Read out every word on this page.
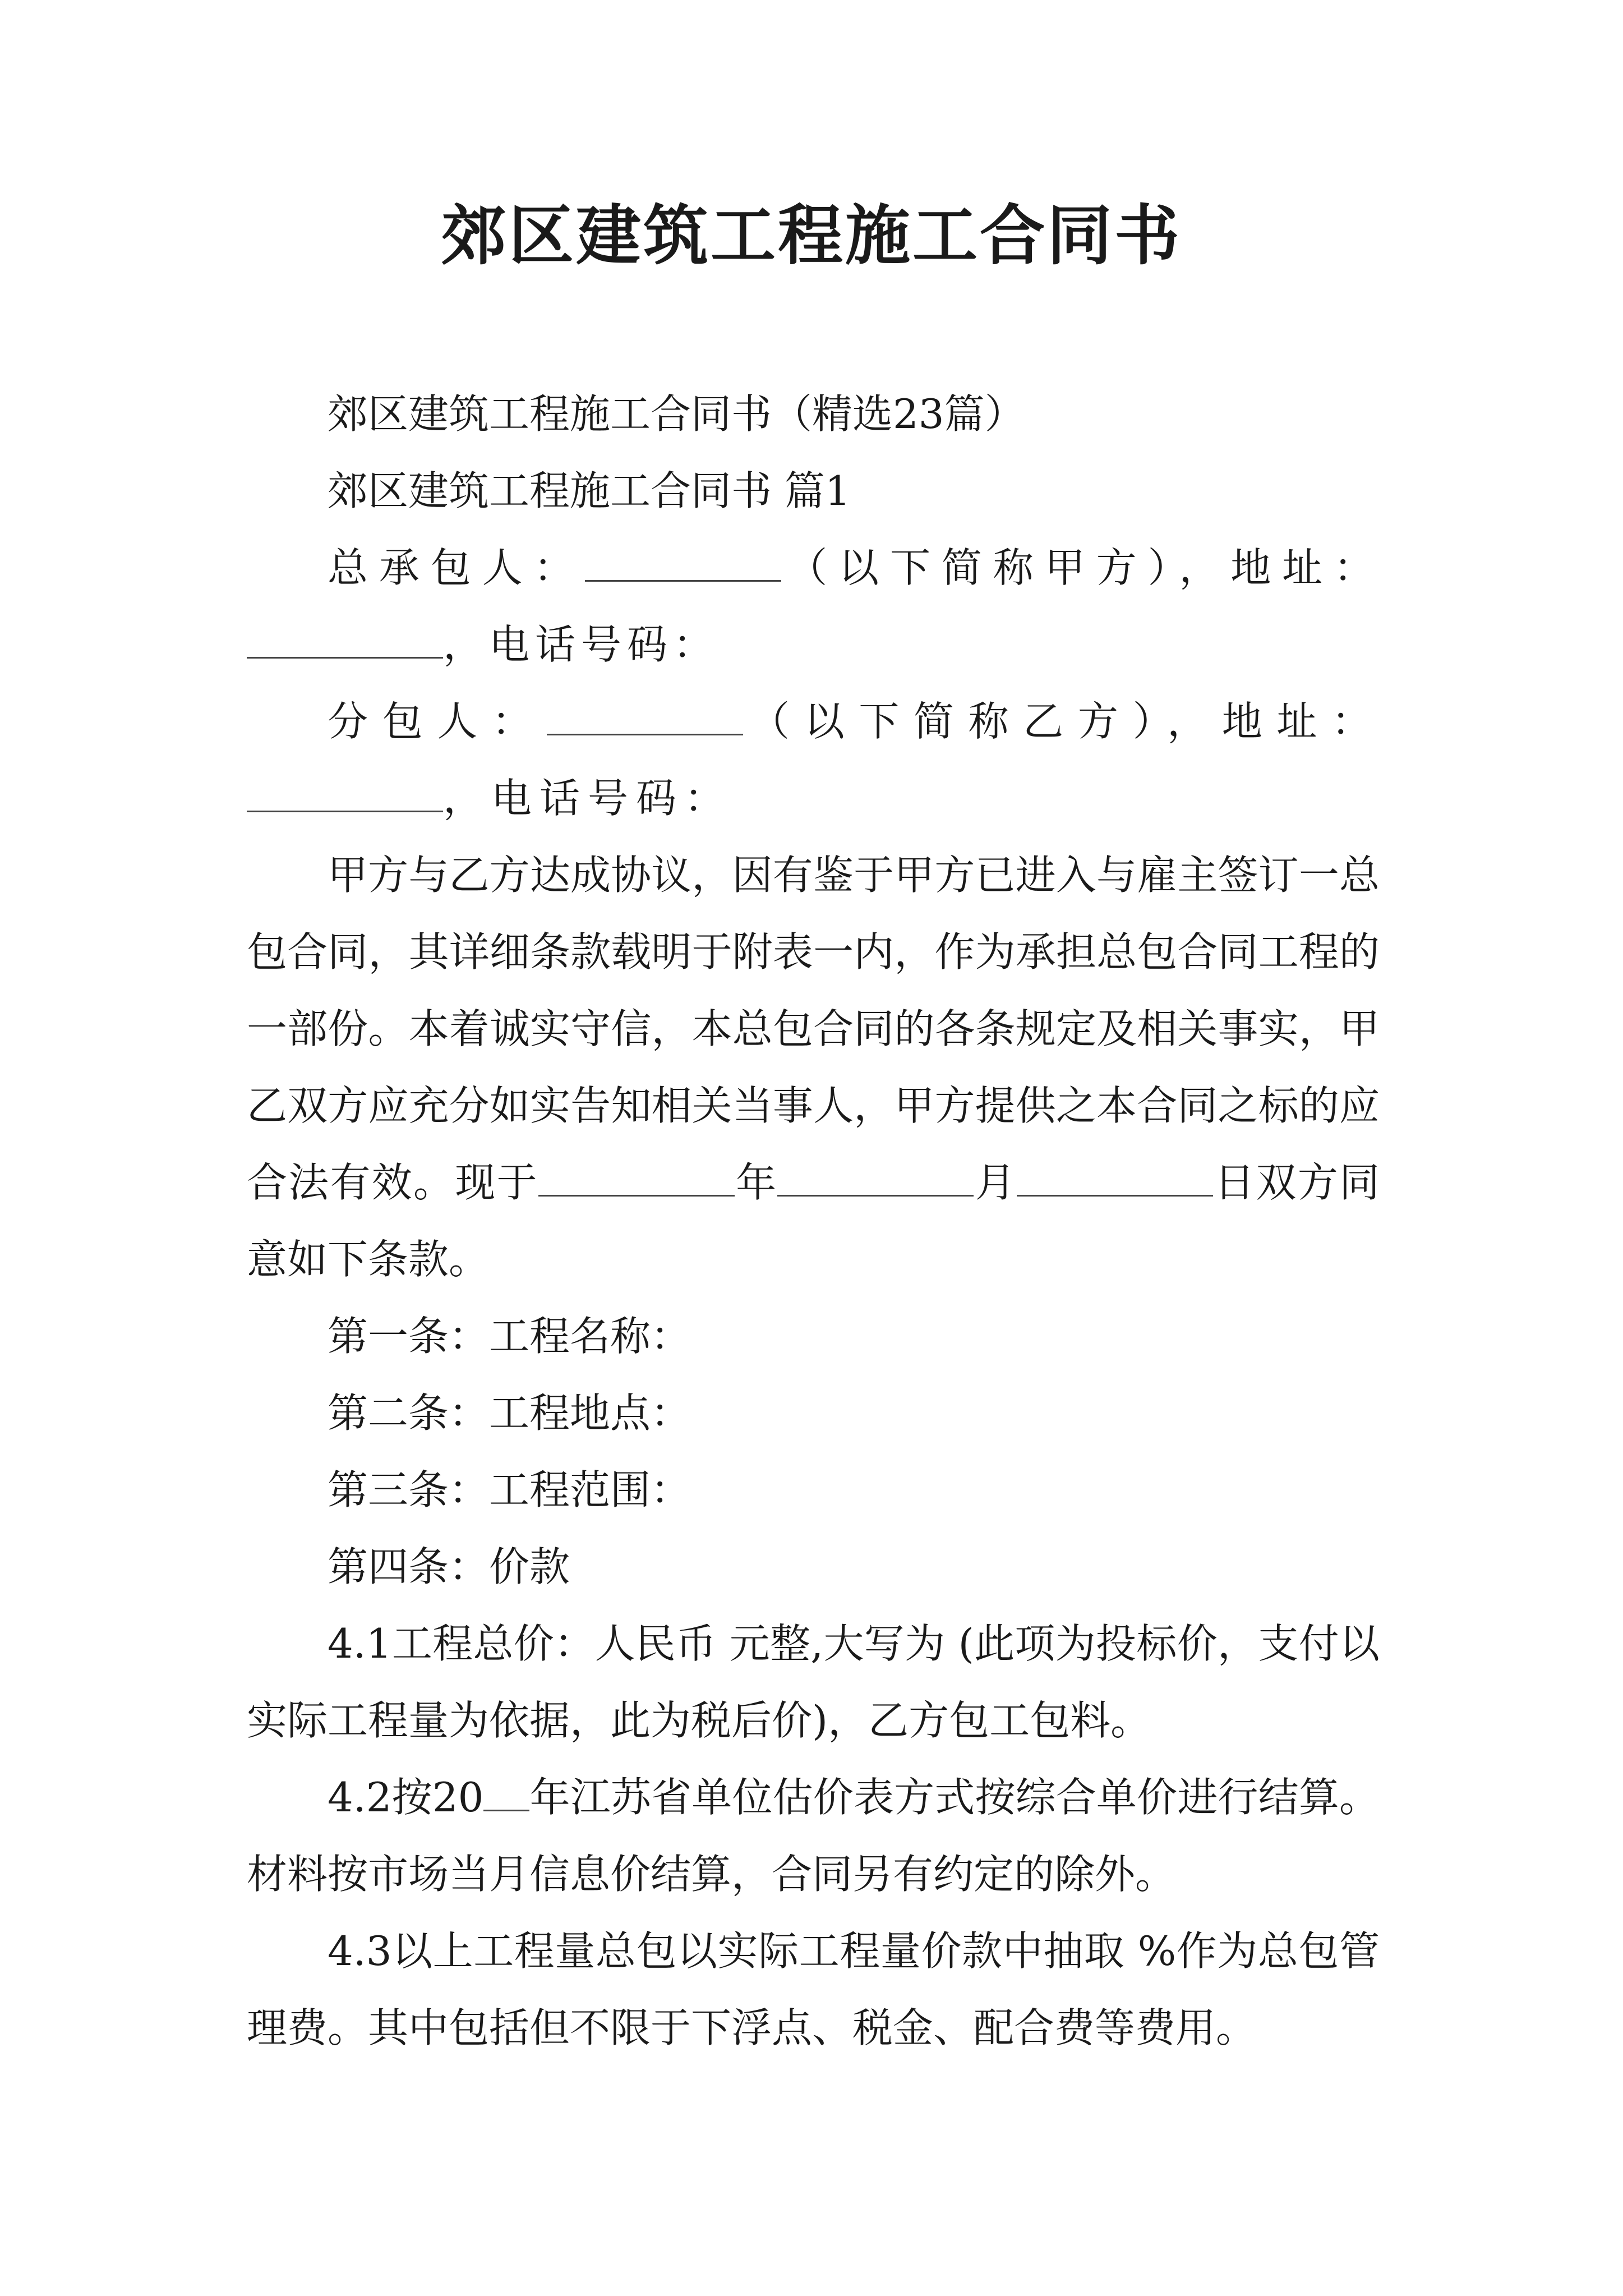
郊区建筑工程施工合同书

郊区建筑工程施工合同书（精选23篇）

郊区建筑工程施工合同书 篇1

总承包人：	（以下简称甲方），地址：，电话号码：

分包人：	（以下简称乙方），地址：，电话号码：

甲方与乙方达成协议，因有鉴于甲方已进入与雇主签订一总包合同，其详细条款载明于附表一内，作为承担总包合同工程的一部份。本着诚实守信，本总包合同的各条规定及相关事实，甲乙双方应充分如实告知相关当事人，甲方提供之本合同之标的应合法有效。现于	年	月	日双方同意如下条款。

第一条：工程名称：

第二条：工程地点：

第三条：工程范围：

第四条：价款

4.1工程总价：人民币 元整,大写为 (此项为投标价，支付以实际工程量为依据，此为税后价)，乙方包工包料。

4.2按20 年江苏省单位估价表方式按综合单价进行结算。材料按市场当月信息价结算，合同另有约定的除外。

4.3以上工程量总包以实际工程量价款中抽取 %作为总包管理费。其中包括但不限于下浮点、税金、配合费等费用。
